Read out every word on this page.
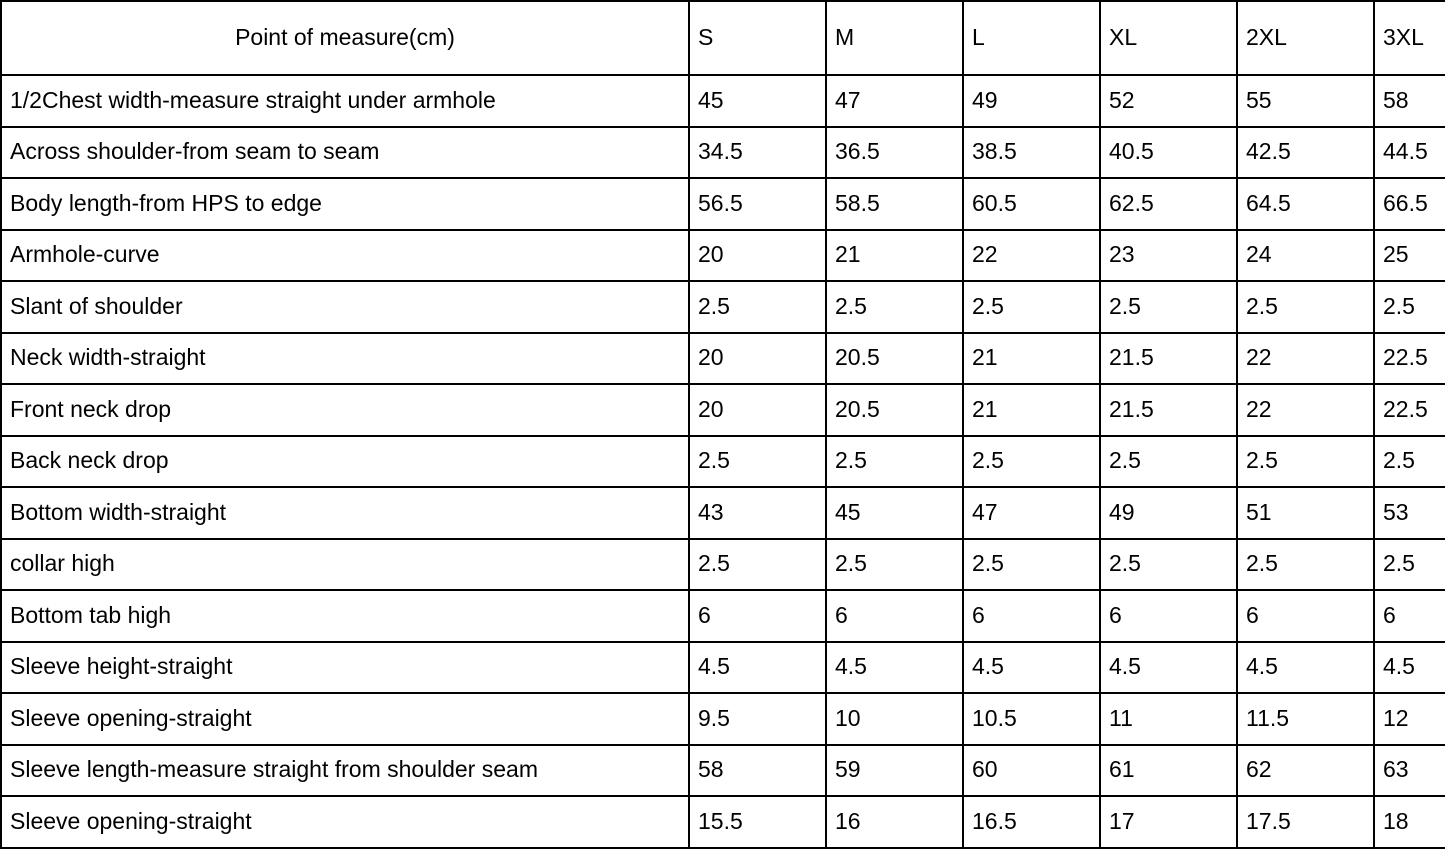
Point of measure(cm)	S	M	L	XL	2XL	3XL
1/2Chest width-measure straight under armhole	45	47	49	52	55	58
Across shoulder-from seam to seam	34.5	36.5	38.5	40.5	42.5	44.5
Body length-from HPS to edge	56.5	58.5	60.5	62.5	64.5	66.5
Armhole-curve	20	21	22	23	24	25
Slant of shoulder	2.5	2.5	2.5	2.5	2.5	2.5
Neck width-straight	20	20.5	21	21.5	22	22.5
Front neck drop	20	20.5	21	21.5	22	22.5
Back neck drop	2.5	2.5	2.5	2.5	2.5	2.5
Bottom width-straight	43	45	47	49	51	53
collar high	2.5	2.5	2.5	2.5	2.5	2.5
Bottom tab high	6	6	6	6	6	6
Sleeve height-straight	4.5	4.5	4.5	4.5	4.5	4.5
Sleeve opening-straight	9.5	10	10.5	11	11.5	12
Sleeve length-measure straight from shoulder seam	58	59	60	61	62	63
Sleeve opening-straight	15.5	16	16.5	17	17.5	18
